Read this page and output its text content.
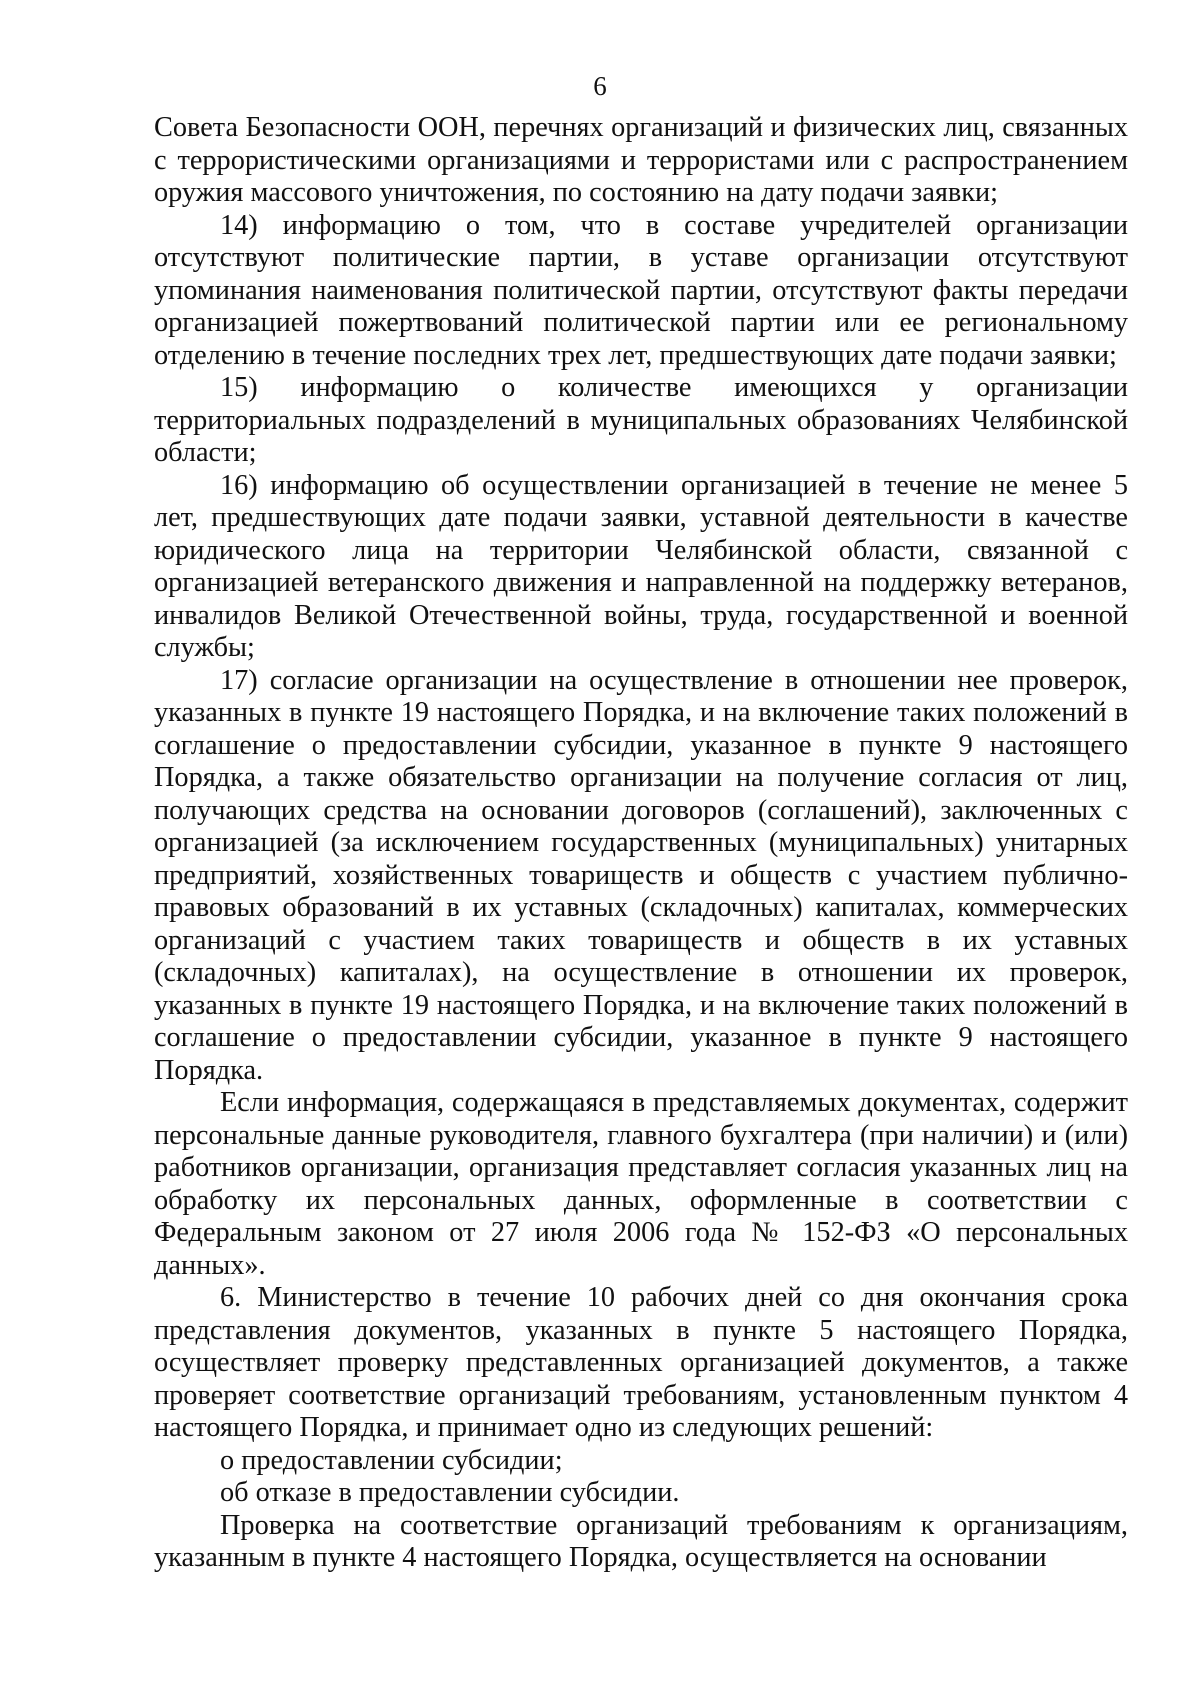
6

Совета Безопасности ООН, перечнях организаций и физических лиц, связанных с террористическими организациями и террористами или с распространением оружия массового уничтожения, по состоянию на дату подачи заявки;

14) информацию о том, что в составе учредителей организации отсутствуют политические партии, в уставе организации отсутствуют упоминания наименования политической партии, отсутствуют факты передачи организацией пожертвований политической партии или ее региональному отделению в течение последних трех лет, предшествующих дате подачи заявки;

15) информацию о количестве имеющихся у организации территориальных подразделений в муниципальных образованиях Челябинской области;

16) информацию об осуществлении организацией в течение не менее 5 лет, предшествующих дате подачи заявки, уставной деятельности в качестве юридического лица на территории Челябинской области, связанной с организацией ветеранского движения и направленной на поддержку ветеранов, инвалидов Великой Отечественной войны, труда, государственной и военной службы;

17) согласие организации на осуществление в отношении нее проверок, указанных в пункте 19 настоящего Порядка, и на включение таких положений в соглашение о предоставлении субсидии, указанное в пункте 9 настоящего Порядка, а также обязательство организации на получение согласия от лиц, получающих средства на основании договоров (соглашений), заключенных с организацией (за исключением государственных (муниципальных) унитарных предприятий, хозяйственных товариществ и обществ с участием публично-правовых образований в их уставных (складочных) капиталах, коммерческих организаций с участием таких товариществ и обществ в их уставных (складочных) капиталах), на осуществление в отношении их проверок, указанных в пункте 19 настоящего Порядка, и на включение таких положений в соглашение о предоставлении субсидии, указанное в пункте 9 настоящего Порядка.

Если информация, содержащаяся в представляемых документах, содержит персональные данные руководителя, главного бухгалтера (при наличии) и (или) работников организации, организация представляет согласия указанных лиц на обработку их персональных данных, оформленные в соответствии с Федеральным законом от 27 июля 2006 года № 152-ФЗ «О персональных данных».

6. Министерство в течение 10 рабочих дней со дня окончания срока представления документов, указанных в пункте 5 настоящего Порядка, осуществляет проверку представленных организацией документов, а также проверяет соответствие организаций требованиям, установленным пунктом 4 настоящего Порядка, и принимает одно из следующих решений:

о предоставлении субсидии;

об отказе в предоставлении субсидии.

Проверка на соответствие организаций требованиям к организациям, указанным в пункте 4 настоящего Порядка, осуществляется на основании
